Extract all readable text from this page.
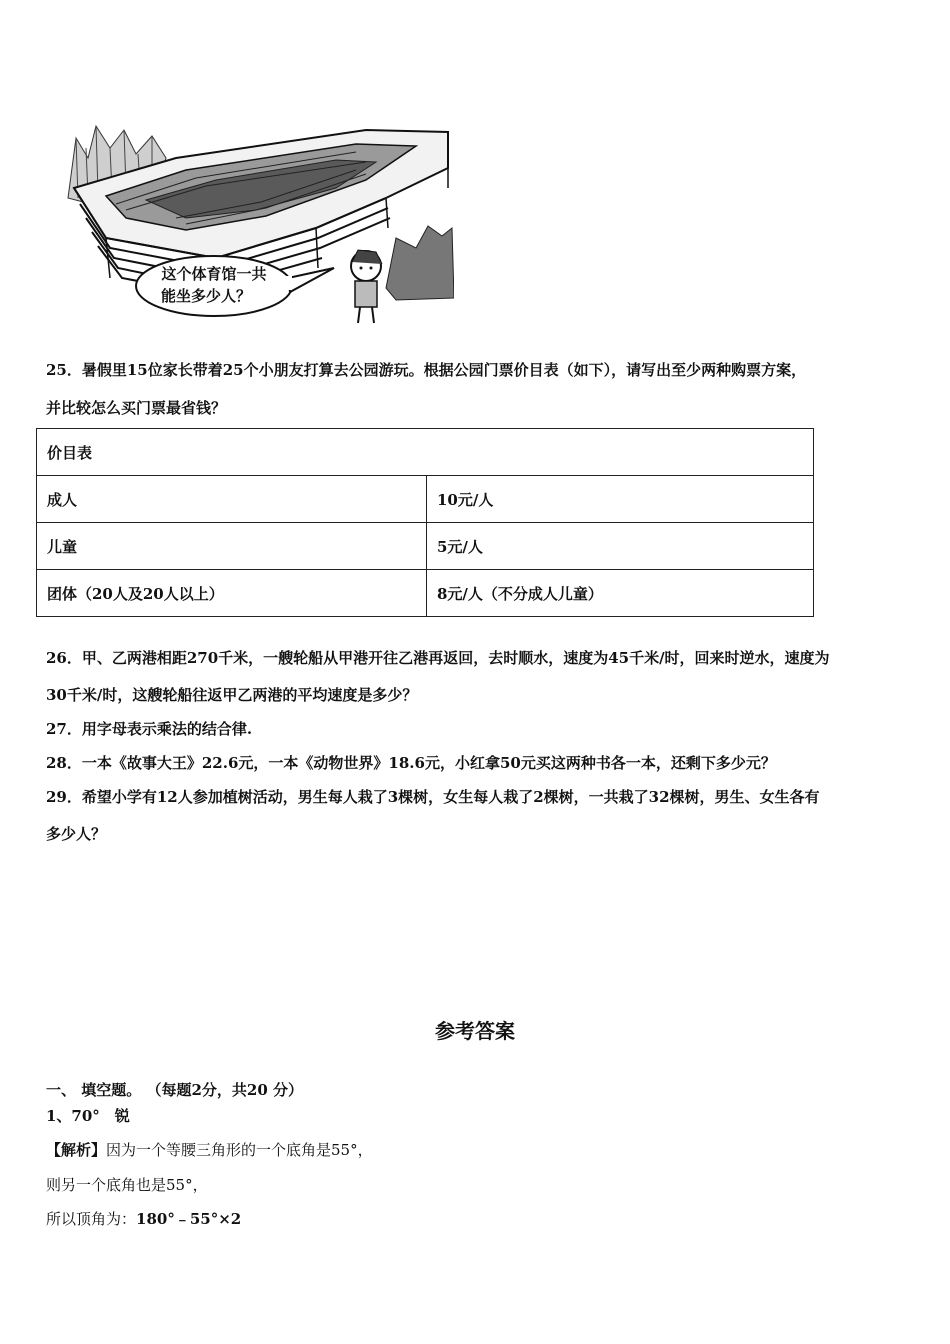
这个体育馆一共
能坐多少人？
25．暑假里15位家长带着25个小朋友打算去公园游玩。根据公园门票价目表（如下），请写出至少两种购票方案，
并比较怎么买门票最省钱？
价目表	
成人	10元/人
儿童	5元/人
团体（20人及20人以上）	8元/人（不分成人儿童）
26．甲、乙两港相距270千米，一艘轮船从甲港开往乙港再返回，去时顺水，速度为45千米/时，回来时逆水，速度为
30千米/时，这艘轮船往返甲乙两港的平均速度是多少？
27．用字母表示乘法的结合律.
28．一本《故事大王》22.6元，一本《动物世界》18.6元，小红拿50元买这两种书各一本，还剩下多少元？
29．希望小学有12人参加植树活动，男生每人栽了3棵树，女生每人栽了2棵树，一共栽了32棵树，男生、女生各有
多少人？
参考答案
一、 填空题。 （每题2分，共20 分）
1、70°　锐
【解析】因为一个等腰三角形的一个底角是55°，
则另一个底角也是55°，
所以顶角为：180°﹣55°×2
